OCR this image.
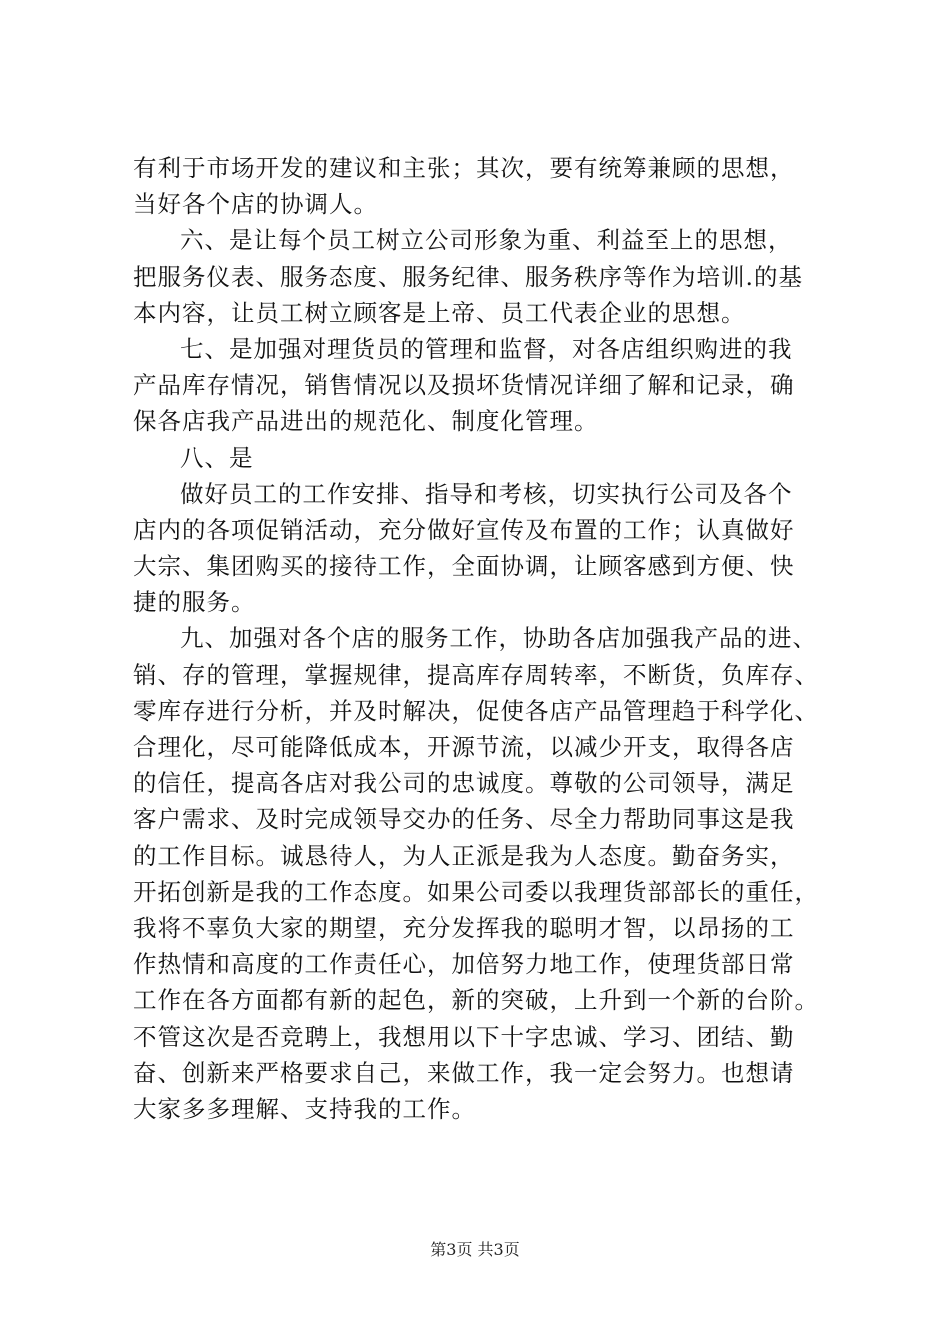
有利于市场开发的建议和主张；其次，要有统筹兼顾的思想，
当好各个店的协调人。
六、是让每个员工树立公司形象为重、利益至上的思想，
把服务仪表、服务态度、服务纪律、服务秩序等作为培训.的基
本内容，让员工树立顾客是上帝、员工代表企业的思想。
七、是加强对理货员的管理和监督，对各店组织购进的我
产品库存情况，销售情况以及损坏货情况详细了解和记录，确
保各店我产品进出的规范化、制度化管理。
八、是
做好员工的工作安排、指导和考核，切实执行公司及各个
店内的各项促销活动，充分做好宣传及布置的工作；认真做好
大宗、集团购买的接待工作，全面协调，让顾客感到方便、快
捷的服务。
九、加强对各个店的服务工作，协助各店加强我产品的进、
销、存的管理，掌握规律，提高库存周转率，不断货，负库存、
零库存进行分析，并及时解决，促使各店产品管理趋于科学化、
合理化，尽可能降低成本，开源节流，以减少开支，取得各店
的信任，提高各店对我公司的忠诚度。尊敬的公司领导，满足
客户需求、及时完成领导交办的任务、尽全力帮助同事这是我
的工作目标。诚恳待人，为人正派是我为人态度。勤奋务实，
开拓创新是我的工作态度。如果公司委以我理货部部长的重任，
我将不辜负大家的期望，充分发挥我的聪明才智，以昂扬的工
作热情和高度的工作责任心，加倍努力地工作，使理货部日常
工作在各方面都有新的起色，新的突破，上升到一个新的台阶。
不管这次是否竞聘上，我想用以下十字忠诚、学习、团结、勤
奋、创新来严格要求自己，来做工作，我一定会努力。也想请
大家多多理解、支持我的工作。
第3页 共3页
